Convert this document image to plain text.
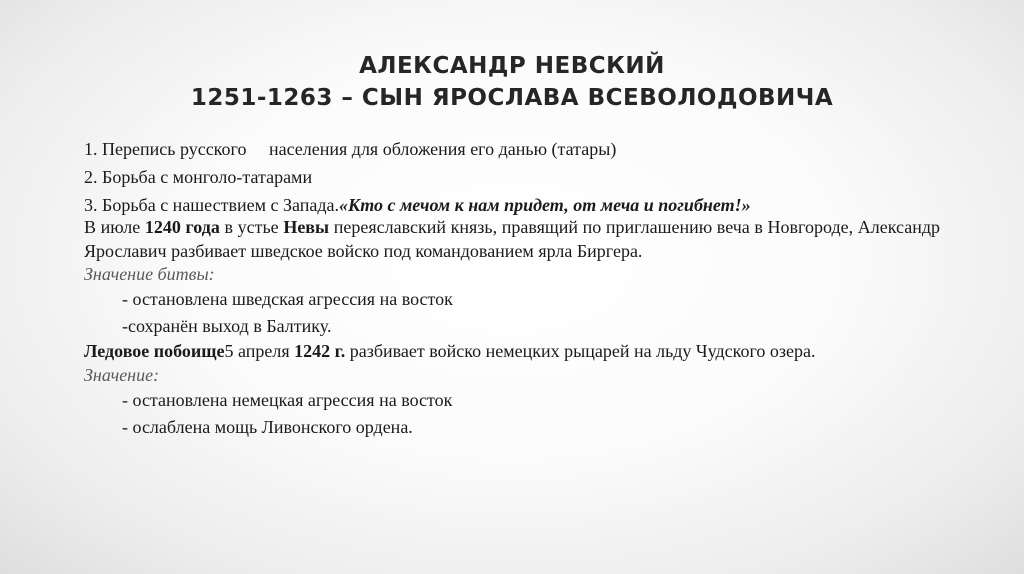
АЛЕКСАНДР НЕВСКИЙ
1251-1263 – СЫН ЯРОСЛАВА ВСЕВОЛОДОВИЧА
1. Перепись русского населения для обложения его данью (татары)
2. Борьба с монголо-татарами
3. Борьба с нашествием с Запада.«Кто с мечом к нам придет, от меча и погибнет!»
В июле 1240 года в устье Невы переяславский князь, правящий по приглашению веча в Новгороде, Александр Ярославич разбивает шведское войско под командованием ярла Биргера.
Значение битвы:
- остановлена шведская агрессия на восток
-сохранён выход в Балтику.
Ледовое побоище5 апреля 1242 г. разбивает войско немецких рыцарей на льду Чудского озера.
Значение:
- остановлена немецкая агрессия на восток
- ослаблена мощь Ливонского ордена.
